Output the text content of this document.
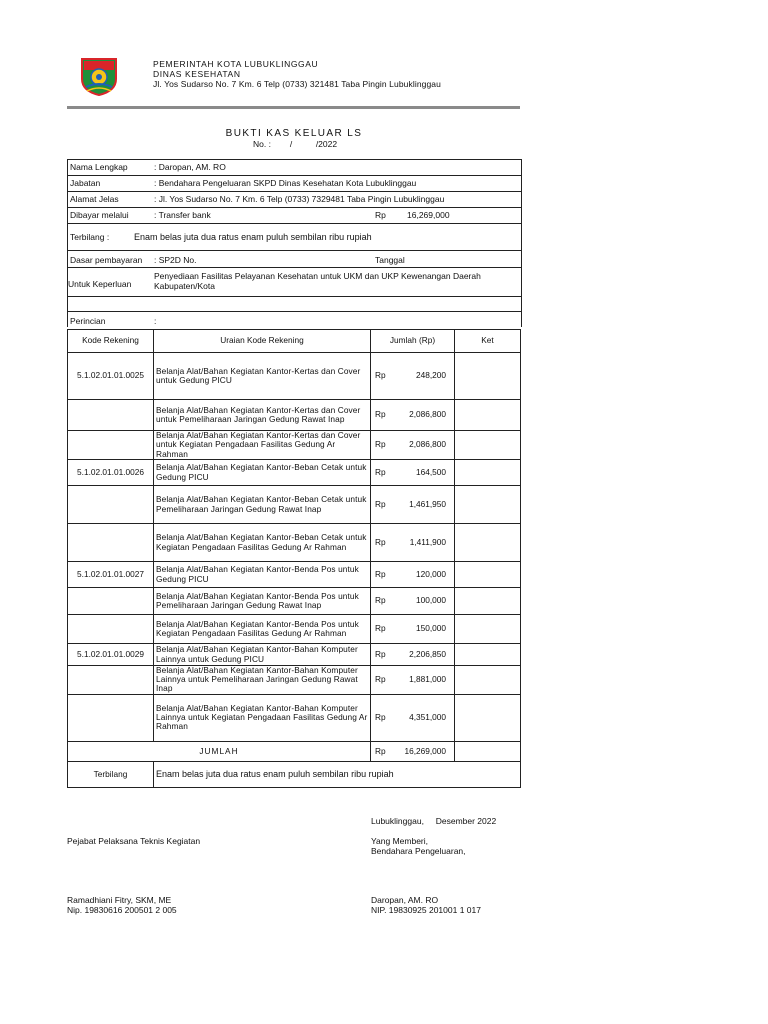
PEMERINTAH KOTA LUBUKLINGGAU
DINAS KESEHATAN
Jl. Yos Sudarso No. 7 Km. 6 Telp (0733) 321481 Taba Pingin Lubuklinggau
BUKTI KAS KELUAR LS
No. :        /          /2022
Nama Lengkap	: Daropan, AM. RO
Jabatan	: Bendahara Pengeluaran SKPD Dinas Kesehatan Kota Lubuklinggau
Alamat Jelas	: Jl. Yos Sudarso No. 7 Km. 6 Telp (0733) 7329481 Taba Pingin Lubuklinggau
Dibayar melalui	: Transfer bank	Rp 16,269,000
Terbilang :	Enam belas juta dua ratus enam puluh sembilan ribu rupiah
Dasar pembayaran : SP2D No.	Tanggal
Untuk Keperluan
Penyediaan Fasilitas Pelayanan Kesehatan untuk UKM dan UKP Kewenangan Daerah Kabupaten/Kota
Perincian	:
Kode Rekening	Uraian Kode Rekening	Jumlah (Rp)		Ket
5.1.02.01.01.0025	Belanja Alat/Bahan Kegiatan Kantor-Kertas dan Cover untuk Gedung PICU	Rp	248,200	
	Belanja Alat/Bahan Kegiatan Kantor-Kertas dan Cover untuk Pemeliharaan Jaringan Gedung Rawat Inap	Rp	2,086,800	
	Belanja Alat/Bahan Kegiatan Kantor-Kertas dan Cover untuk Kegiatan Pengadaan Fasilitas Gedung Ar Rahman	Rp	2,086,800	
5.1.02.01.01.0026	Belanja Alat/Bahan Kegiatan Kantor-Beban Cetak untuk Gedung PICU	Rp	164,500	
	Belanja Alat/Bahan Kegiatan Kantor-Beban Cetak untuk Pemeliharaan Jaringan Gedung Rawat Inap	Rp	1,461,950	
	Belanja Alat/Bahan Kegiatan Kantor-Beban Cetak untuk Kegiatan Pengadaan Fasilitas Gedung Ar Rahman	Rp	1,411,900	
5.1.02.01.01.0027	Belanja Alat/Bahan Kegiatan Kantor-Benda Pos untuk Gedung PICU	Rp	120,000	
	Belanja Alat/Bahan Kegiatan Kantor-Benda Pos untuk Pemeliharaan Jaringan Gedung Rawat Inap	Rp	100,000	
	Belanja Alat/Bahan Kegiatan Kantor-Benda Pos untuk Kegiatan Pengadaan Fasilitas Gedung Ar Rahman	Rp	150,000	
5.1.02.01.01.0029	Belanja Alat/Bahan Kegiatan Kantor-Bahan Komputer Lainnya untuk Gedung PICU	Rp	2,206,850	
	Belanja Alat/Bahan Kegiatan Kantor-Bahan Komputer Lainnya untuk Pemeliharaan Jaringan Gedung Rawat Inap	Rp	1,881,000	
	Belanja Alat/Bahan Kegiatan Kantor-Bahan Komputer Lainnya untuk Kegiatan Pengadaan Fasilitas Gedung Ar Rahman	Rp	4,351,000	
JUMLAH		Rp	16,269,000	
Terbilang	Enam belas juta dua ratus enam puluh sembilan ribu rupiah			
Lubuklinggau,     Desember 2022
Pejabat Pelaksana Teknis Kegiatan	Yang Memberi,
Bendahara Pengeluaran,
Ramadhiani Fitry, SKM, ME
Nip. 19830616 200501 2 005
Daropan, AM. RO
NIP. 19830925 201001 1 017
